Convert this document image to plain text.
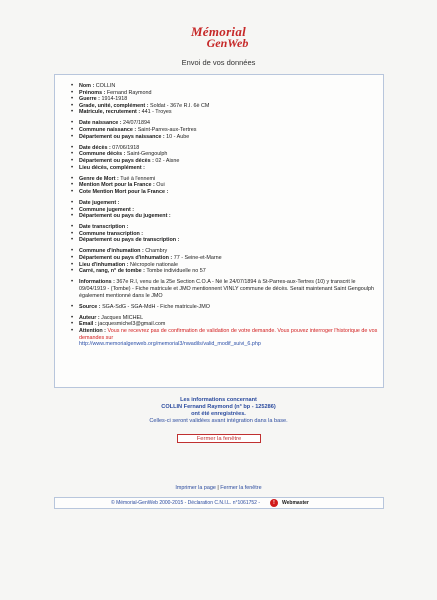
Mémorial
GenWeb
Envoi de vos données
• Nom : COLLIN
• Prénoms : Fernand Raymond
• Guerre : 1914-1918
• Grade, unité, complément : Soldat - 367e R.I. 6è CM
• Matricule, recrutement : 441 - Troyes
• Date naissance : 24/07/1894
• Commune naissance : Saint-Parres-aux-Tertres
• Département ou pays naissance : 10 - Aube
• Date décès : 07/06/1918
• Commune décès : Saint-Gengoulph
• Département ou pays décès : 02 - Aisne
• Lieu décès, complément :
• Genre de Mort : Tué à l'ennemi
• Mention Mort pour la France : Oui
• Cote Mention Mort pour la France :
• Date jugement :
• Commune jugement :
• Département ou pays du jugement :
• Date transcription :
• Commune transcription :
• Département ou pays de transcription :
• Commune d'inhumation : Chambry
• Département ou pays d'inhumation : 77 - Seine-et-Marne
• Lieu d'inhumation : Nécropole nationale
• Carré, rang, n° de tombe : Tombe individuelle no 57
• Informations : 367e R.I, venu de la 25e Section C.O.A - Né le 24/07/1894 à St-Parres-aux-Tertres (10) y transcrit le 09/04/1919 - (Tombe) - Fiche matricule et JMO mentionnent VINLY commune de décès. Serait maintenant Saint Gengoulph également mentionné dans le JMO
• Source : SGA-SdG - SGA-MdH - Fiche matricule-JMO
• Auteur : Jacques MICHEL
• Email : jacquesmichel3@gmail.com
• Attention : Vous ne recevrez pas de confirmation de validation de votre demande. Vous pouvez interroger l'historique de vos demandes sur
http://www.memorialgenweb.org/memorial3/nwadils/valid_modif_suivi_6.php
Les informations concernant
COLLIN Fernand Raymond (n° bp - 125286)
ont été enregistrées.
Celles-ci seront validées avant intégration dans la base.
Fermer la fenêtre
Imprimer la page | Fermer la fenêtre
© Mémorial-GenWeb 2000-2015 - Déclaration C.N.I.L. n°1061752 -	!	Webmaster
